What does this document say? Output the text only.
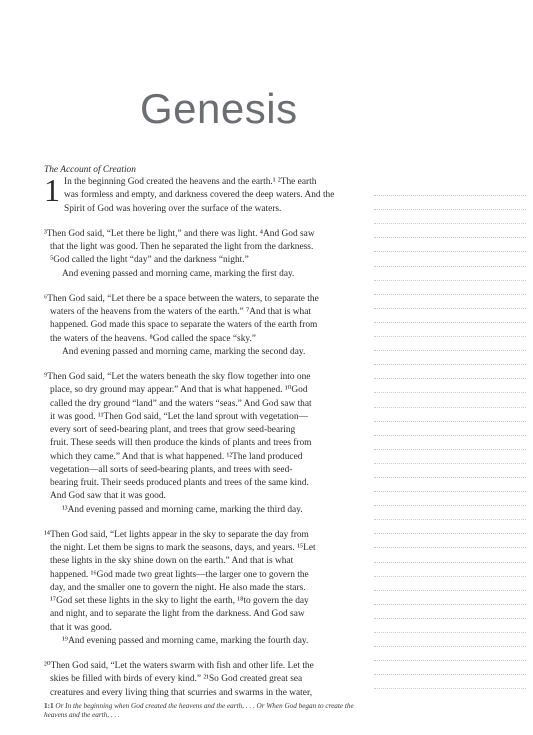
Genesis
The Account of Creation
1 In the beginning God created the heavens and the earth.¹ ²The earth
was formless and empty, and darkness covered the deep waters. And the
Spirit of God was hovering over the surface of the waters.
³Then God said, “Let there be light,” and there was light. ⁴And God saw
that the light was good. Then he separated the light from the darkness.
⁵God called the light “day” and the darkness “night.”
And evening passed and morning came, marking the first day.
⁶Then God said, “Let there be a space between the waters, to separate the
waters of the heavens from the waters of the earth.” ⁷And that is what
happened. God made this space to separate the waters of the earth from
the waters of the heavens. ⁸God called the space “sky.”
And evening passed and morning came, marking the second day.
⁹Then God said, “Let the waters beneath the sky flow together into one
place, so dry ground may appear.” And that is what happened. ¹⁰God
called the dry ground “land” and the waters “seas.” And God saw that
it was good. ¹¹Then God said, “Let the land sprout with vegetation—
every sort of seed-bearing plant, and trees that grow seed-bearing
fruit. These seeds will then produce the kinds of plants and trees from
which they came.” And that is what happened. ¹²The land produced
vegetation—all sorts of seed-bearing plants, and trees with seed-
bearing fruit. Their seeds produced plants and trees of the same kind.
And God saw that it was good.
¹³And evening passed and morning came, marking the third day.
¹⁴Then God said, “Let lights appear in the sky to separate the day from
the night. Let them be signs to mark the seasons, days, and years. ¹⁵Let
these lights in the sky shine down on the earth.” And that is what
happened. ¹⁶God made two great lights—the larger one to govern the
day, and the smaller one to govern the night. He also made the stars.
¹⁷God set these lights in the sky to light the earth, ¹⁸to govern the day
and night, and to separate the light from the darkness. And God saw
that it was good.
¹⁹And evening passed and morning came, marking the fourth day.
²⁰Then God said, “Let the waters swarm with fish and other life. Let the
skies be filled with birds of every kind.” ²¹So God created great sea
creatures and every living thing that scurries and swarms in the water,
1:1 Or In the beginning when God created the heavens and the earth, . . . Or When God began to create the heavens and the earth, . . .
